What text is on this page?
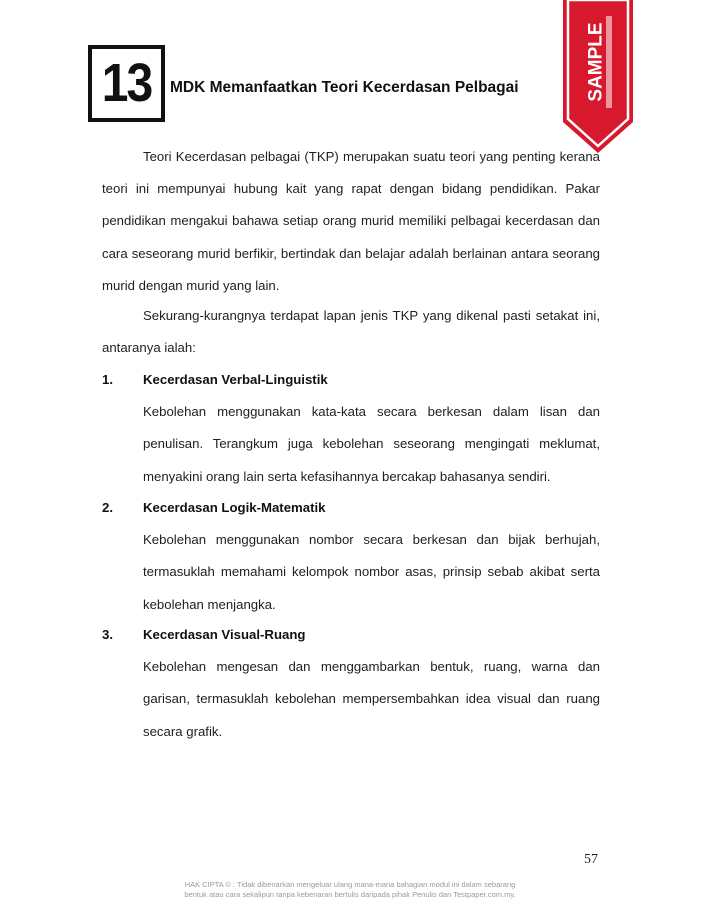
13 MDK Memanfaatkan Teori Kecerdasan Pelbagai	SAMPLE

Teori Kecerdasan pelbagai (TKP) merupakan suatu teori yang penting kerana teori ini mempunyai hubung kait yang rapat dengan bidang pendidikan. Pakar pendidikan mengakui bahawa setiap orang murid memiliki pelbagai kecerdasan dan cara seseorang murid berfikir, bertindak dan belajar adalah berlainan antara seorang murid dengan murid yang lain.

Sekurang-kurangnya terdapat lapan jenis TKP yang dikenal pasti setakat ini, antaranya ialah:

1.	Kecerdasan Verbal-Linguistik

Kebolehan menggunakan kata-kata secara berkesan dalam lisan dan penulisan. Terangkum juga kebolehan seseorang mengingati meklumat, menyakini orang lain serta kefasihannya bercakap bahasanya sendiri.

2.	Kecerdasan Logik-Matematik

Kebolehan menggunakan nombor secara berkesan dan bijak berhujah, termasuklah memahami kelompok nombor asas, prinsip sebab akibat serta kebolehan menjangka.

3.	Kecerdasan Visual-Ruang

Kebolehan mengesan dan menggambarkan bentuk, ruang, warna dan garisan, termasuklah kebolehan mempersembahkan idea visual dan ruang secara grafik.

57
HAK CIPTA © : Tidak dibenarkan mengeluar ulang mana-mana bahagian modul ini dalam sebarang
bentuk atau cara sekalipun tanpa kebenaran bertulis daripada pihak Penulis dan Testpaper.com.my.
